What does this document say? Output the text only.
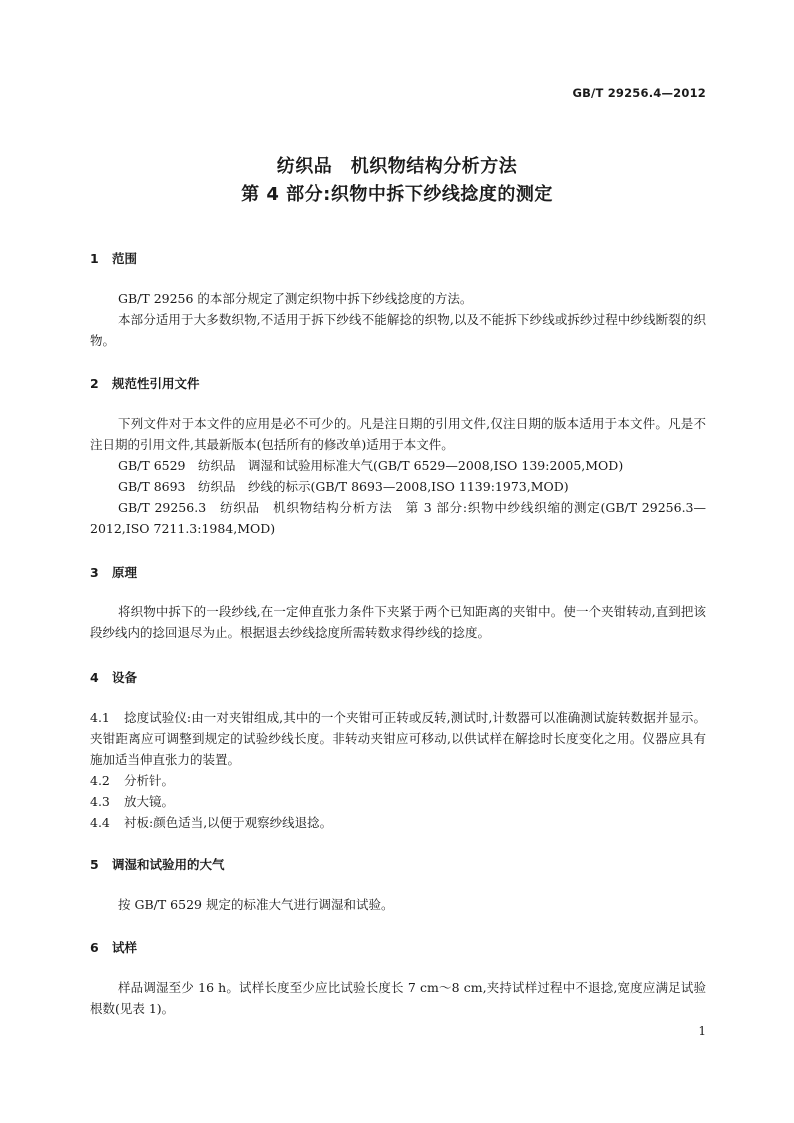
GB/T 29256.4—2012
纺织品　机织物结构分析方法
第 4 部分:织物中拆下纱线捻度的测定
1 范围
GB/T 29256 的本部分规定了测定织物中拆下纱线捻度的方法。
本部分适用于大多数织物,不适用于拆下纱线不能解捻的织物,以及不能拆下纱线或拆纱过程中纱线断裂的织物。
2 规范性引用文件
下列文件对于本文件的应用是必不可少的。凡是注日期的引用文件,仅注日期的版本适用于本文件。凡是不注日期的引用文件,其最新版本(包括所有的修改单)适用于本文件。
GB/T 6529　纺织品　调湿和试验用标准大气(GB/T 6529—2008,ISO 139:2005,MOD)
GB/T 8693　纺织品　纱线的标示(GB/T 8693—2008,ISO 1139:1973,MOD)
GB/T 29256.3　纺织品　机织物结构分析方法　第 3 部分:织物中纱线织缩的测定(GB/T 29256.3—2012,ISO 7211.3:1984,MOD)
3 原理
将织物中拆下的一段纱线,在一定伸直张力条件下夹紧于两个已知距离的夹钳中。使一个夹钳转动,直到把该段纱线内的捻回退尽为止。根据退去纱线捻度所需转数求得纱线的捻度。
4 设备
4.1 捻度试验仪:由一对夹钳组成,其中的一个夹钳可正转或反转,测试时,计数器可以准确测试旋转数据并显示。夹钳距离应可调整到规定的试验纱线长度。非转动夹钳应可移动,以供试样在解捻时长度变化之用。仪器应具有施加适当伸直张力的装置。
4.2 分析针。
4.3 放大镜。
4.4 衬板:颜色适当,以便于观察纱线退捻。
5 调湿和试验用的大气
按 GB/T 6529 规定的标准大气进行调湿和试验。
6 试样
样品调湿至少 16 h。试样长度至少应比试验长度长 7 cm～8 cm,夹持试样过程中不退捻,宽度应满足试验根数(见表 1)。
1
